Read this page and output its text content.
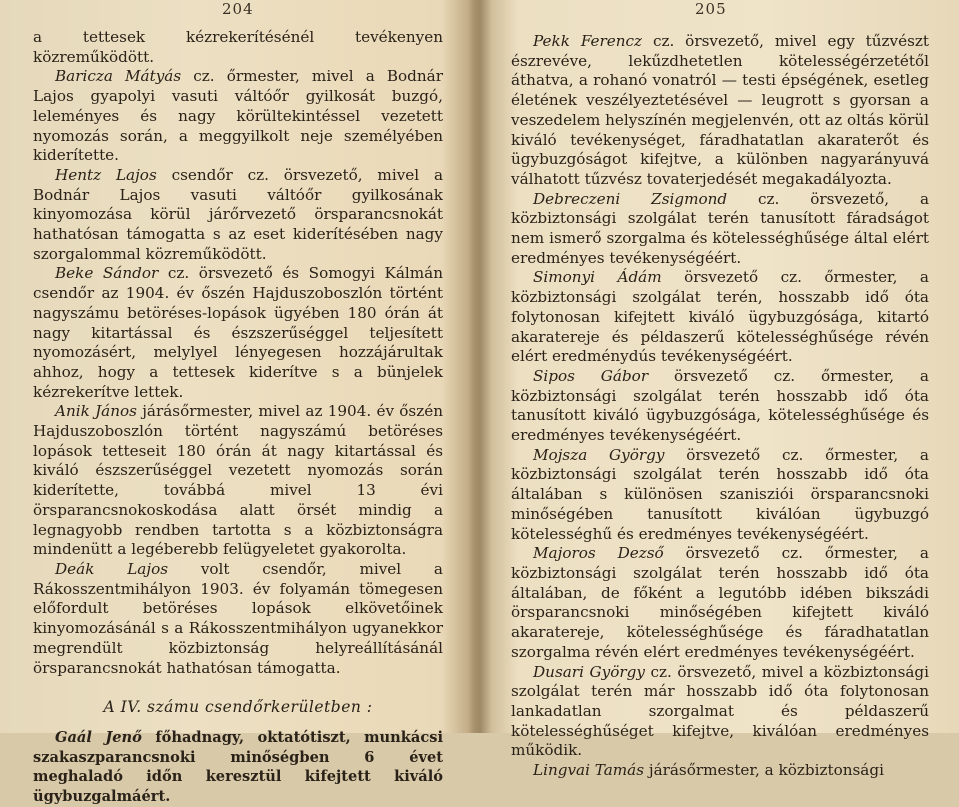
204

a tettesek kézrekerítésénél tevékenyen közreműködött.

Baricza Mátyás cz. őrmester, mivel a Bodnár Lajos gyapolyi vasuti váltóőr gyilkosát buzgó, leleményes és nagy körültekintéssel vezetett nyomozás során, a meggyilkolt neje személyében kiderítette.

Hentz Lajos csendőr cz. örsvezető, mivel a Bodnár Lajos vasuti váltóőr gyilkosának kinyomozása körül járőrvezető örsparancsnokát hathatósan támogatta s az eset kiderítésében nagy szorgalommal közreműködött.

Beke Sándor cz. örsvezető és Somogyi Kálmán csendőr az 1904. év őszén Hajduszoboszlón történt nagyszámu betöréses-lopások ügyében 180 órán át nagy kitartással és észszerűséggel teljesített nyomozásért, melylyel lényegesen hozzájárultak ahhoz, hogy a tettesek kiderítve s a bünjelek kézrekerítve lettek.

Anik János járásőrmester, mivel az 1904. év őszén Hajduszoboszlón történt nagyszámú betöréses lopások tetteseit 180 órán át nagy kitartással és kiváló észszerűséggel vezetett nyomozás során kiderítette, továbbá mivel 13 évi örsparancsnokoskodása alatt örsét mindig a legnagyobb rendben tartotta s a közbiztonságra mindenütt a legéberebb felügyeletet gyakorolta.

Deák Lajos volt csendőr, mivel a Rákosszentmihályon 1903. év folyamán tömegesen előfordult betöréses lopások elkövetőinek kinyomozásánál s a Rákosszentmihályon ugyanekkor megrendült közbiztonság helyreállításánál örsparancsnokát hathatósan támogatta.

A IV. számu csendőrkerületben :

Gaál Jenő főhadnagy, oktatótiszt, munkácsi szakaszparancsnoki minőségben 6 évet meghaladó időn keresztül kifejtett kiváló ügybuzgalmáért.

205

Pekk Ferencz cz. örsvezető, mivel egy tűzvészt észrevéve, lekűzdhetetlen kötelességérzetétől áthatva, a rohanó vonatról — testi épségének, esetleg életének veszélyeztetésével — leugrott s gyorsan a veszedelem helyszínén megjelenvén, ott az oltás körül kiváló tevékenységet, fáradhatatlan akaraterőt és ügybuzgóságot kifejtve, a különben nagyarányuvá válhatott tűzvész tovaterjedését megakadályozta.

Debreczeni Zsigmond cz. örsvezető, a közbiztonsági szolgálat terén tanusított fáradságot nem ismerő szorgalma és kötelességhűsége által elért eredményes tevékenységéért.

Simonyi Ádám örsvezető cz. őrmester, a közbiztonsági szolgálat terén, hosszabb idő óta folytonosan kifejtett kiváló ügybuzgósága, kitartó akaratereje és példaszerű kötelességhűsége révén elért eredménydús tevékenységéért.

Sipos Gábor örsvezető cz. őrmester, a közbiztonsági szolgálat terén hosszabb idő óta tanusított kiváló ügybuzgósága, kötelességhűsége és eredményes tevékenységéért.

Mojsza György örsvezető cz. őrmester, a közbiztonsági szolgálat terén hosszabb idő óta általában s különösen szanisziói örsparancsnoki minőségében tanusított kiválóan ügybuzgó kötelességhű és eredményes tevékenységéért.

Majoros Dezső örsvezető cz. őrmester, a közbiztonsági szolgálat terén hosszabb idő óta általában, de főként a legutóbb idében bikszádi örsparancsnoki minőségében kifejtett kiváló akaratereje, kötelességhűsége és fáradhatatlan szorgalma révén elért eredményes tevékenységéért.

Dusari György cz. örsvezető, mivel a közbiztonsági szolgálat terén már hosszabb idő óta folytonosan lankadatlan szorgalmat és példaszerű kötelességhűséget kifejtve, kiválóan eredményes működik.

Lingvai Tamás járásőrmester, a közbiztonsági
